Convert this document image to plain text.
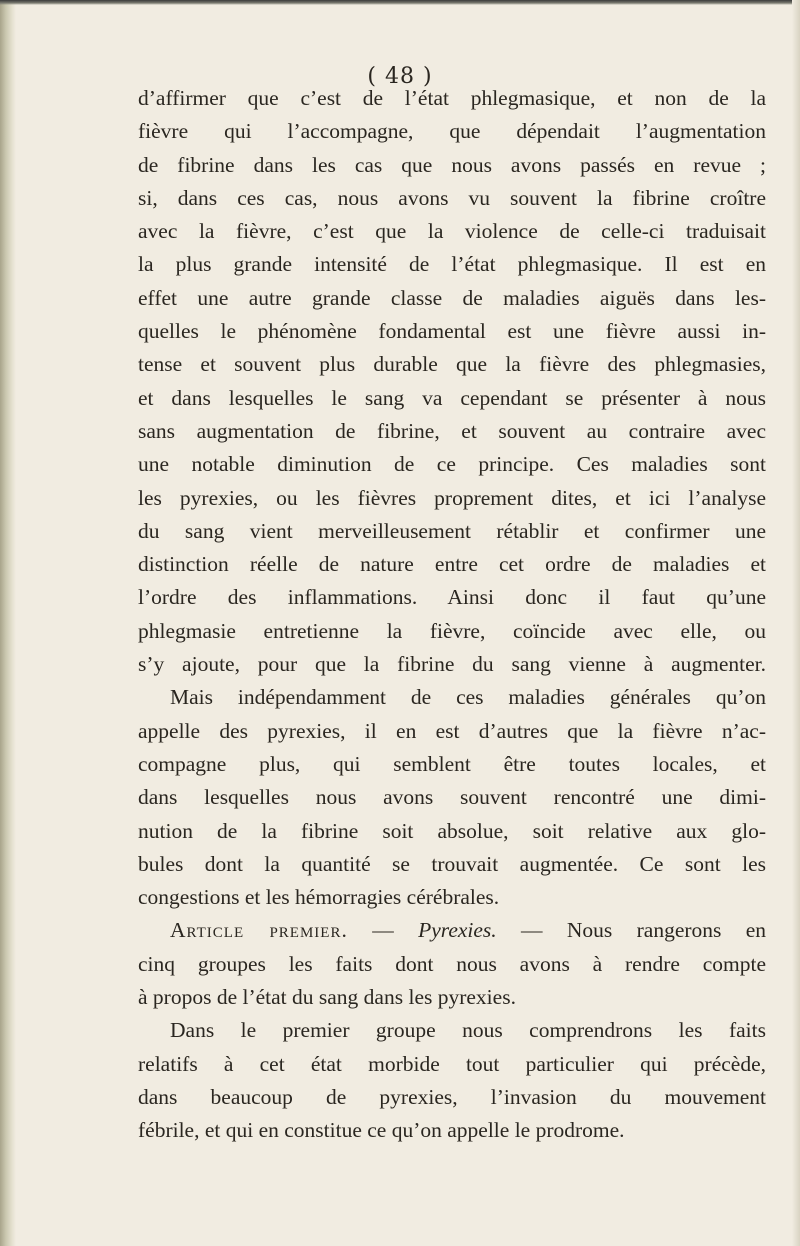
( 48 )
d’affirmer que c’est de l’état phlegmasique, et non de la
fièvre qui l’accompagne, que dépendait l’augmentation
de fibrine dans les cas que nous avons passés en revue ;
si, dans ces cas, nous avons vu souvent la fibrine croître
avec la fièvre, c’est que la violence de celle-ci traduisait
la plus grande intensité de l’état phlegmasique. Il est en
effet une autre grande classe de maladies aiguës dans les-
quelles le phénomène fondamental est une fièvre aussi in-
tense et souvent plus durable que la fièvre des phlegmasies,
et dans lesquelles le sang va cependant se présenter à nous
sans augmentation de fibrine, et souvent au contraire avec
une notable diminution de ce principe. Ces maladies sont
les pyrexies, ou les fièvres proprement dites, et ici l’analyse
du sang vient merveilleusement rétablir et confirmer une
distinction réelle de nature entre cet ordre de maladies et
l’ordre des inflammations. Ainsi donc il faut qu’une
phlegmasie entretienne la fièvre, coïncide avec elle, ou
s’y ajoute, pour que la fibrine du sang vienne à augmenter.
Mais indépendamment de ces maladies générales qu’on
appelle des pyrexies, il en est d’autres que la fièvre n’ac-
compagne plus, qui semblent être toutes locales, et
dans lesquelles nous avons souvent rencontré une dimi-
nution de la fibrine soit absolue, soit relative aux glo-
bules dont la quantité se trouvait augmentée. Ce sont les
congestions et les hémorragies cérébrales.
Article premier. — Pyrexies. — Nous rangerons en
cinq groupes les faits dont nous avons à rendre compte
à propos de l’état du sang dans les pyrexies.
Dans le premier groupe nous comprendrons les faits
relatifs à cet état morbide tout particulier qui précède,
dans beaucoup de pyrexies, l’invasion du mouvement
fébrile, et qui en constitue ce qu’on appelle le prodrome.
